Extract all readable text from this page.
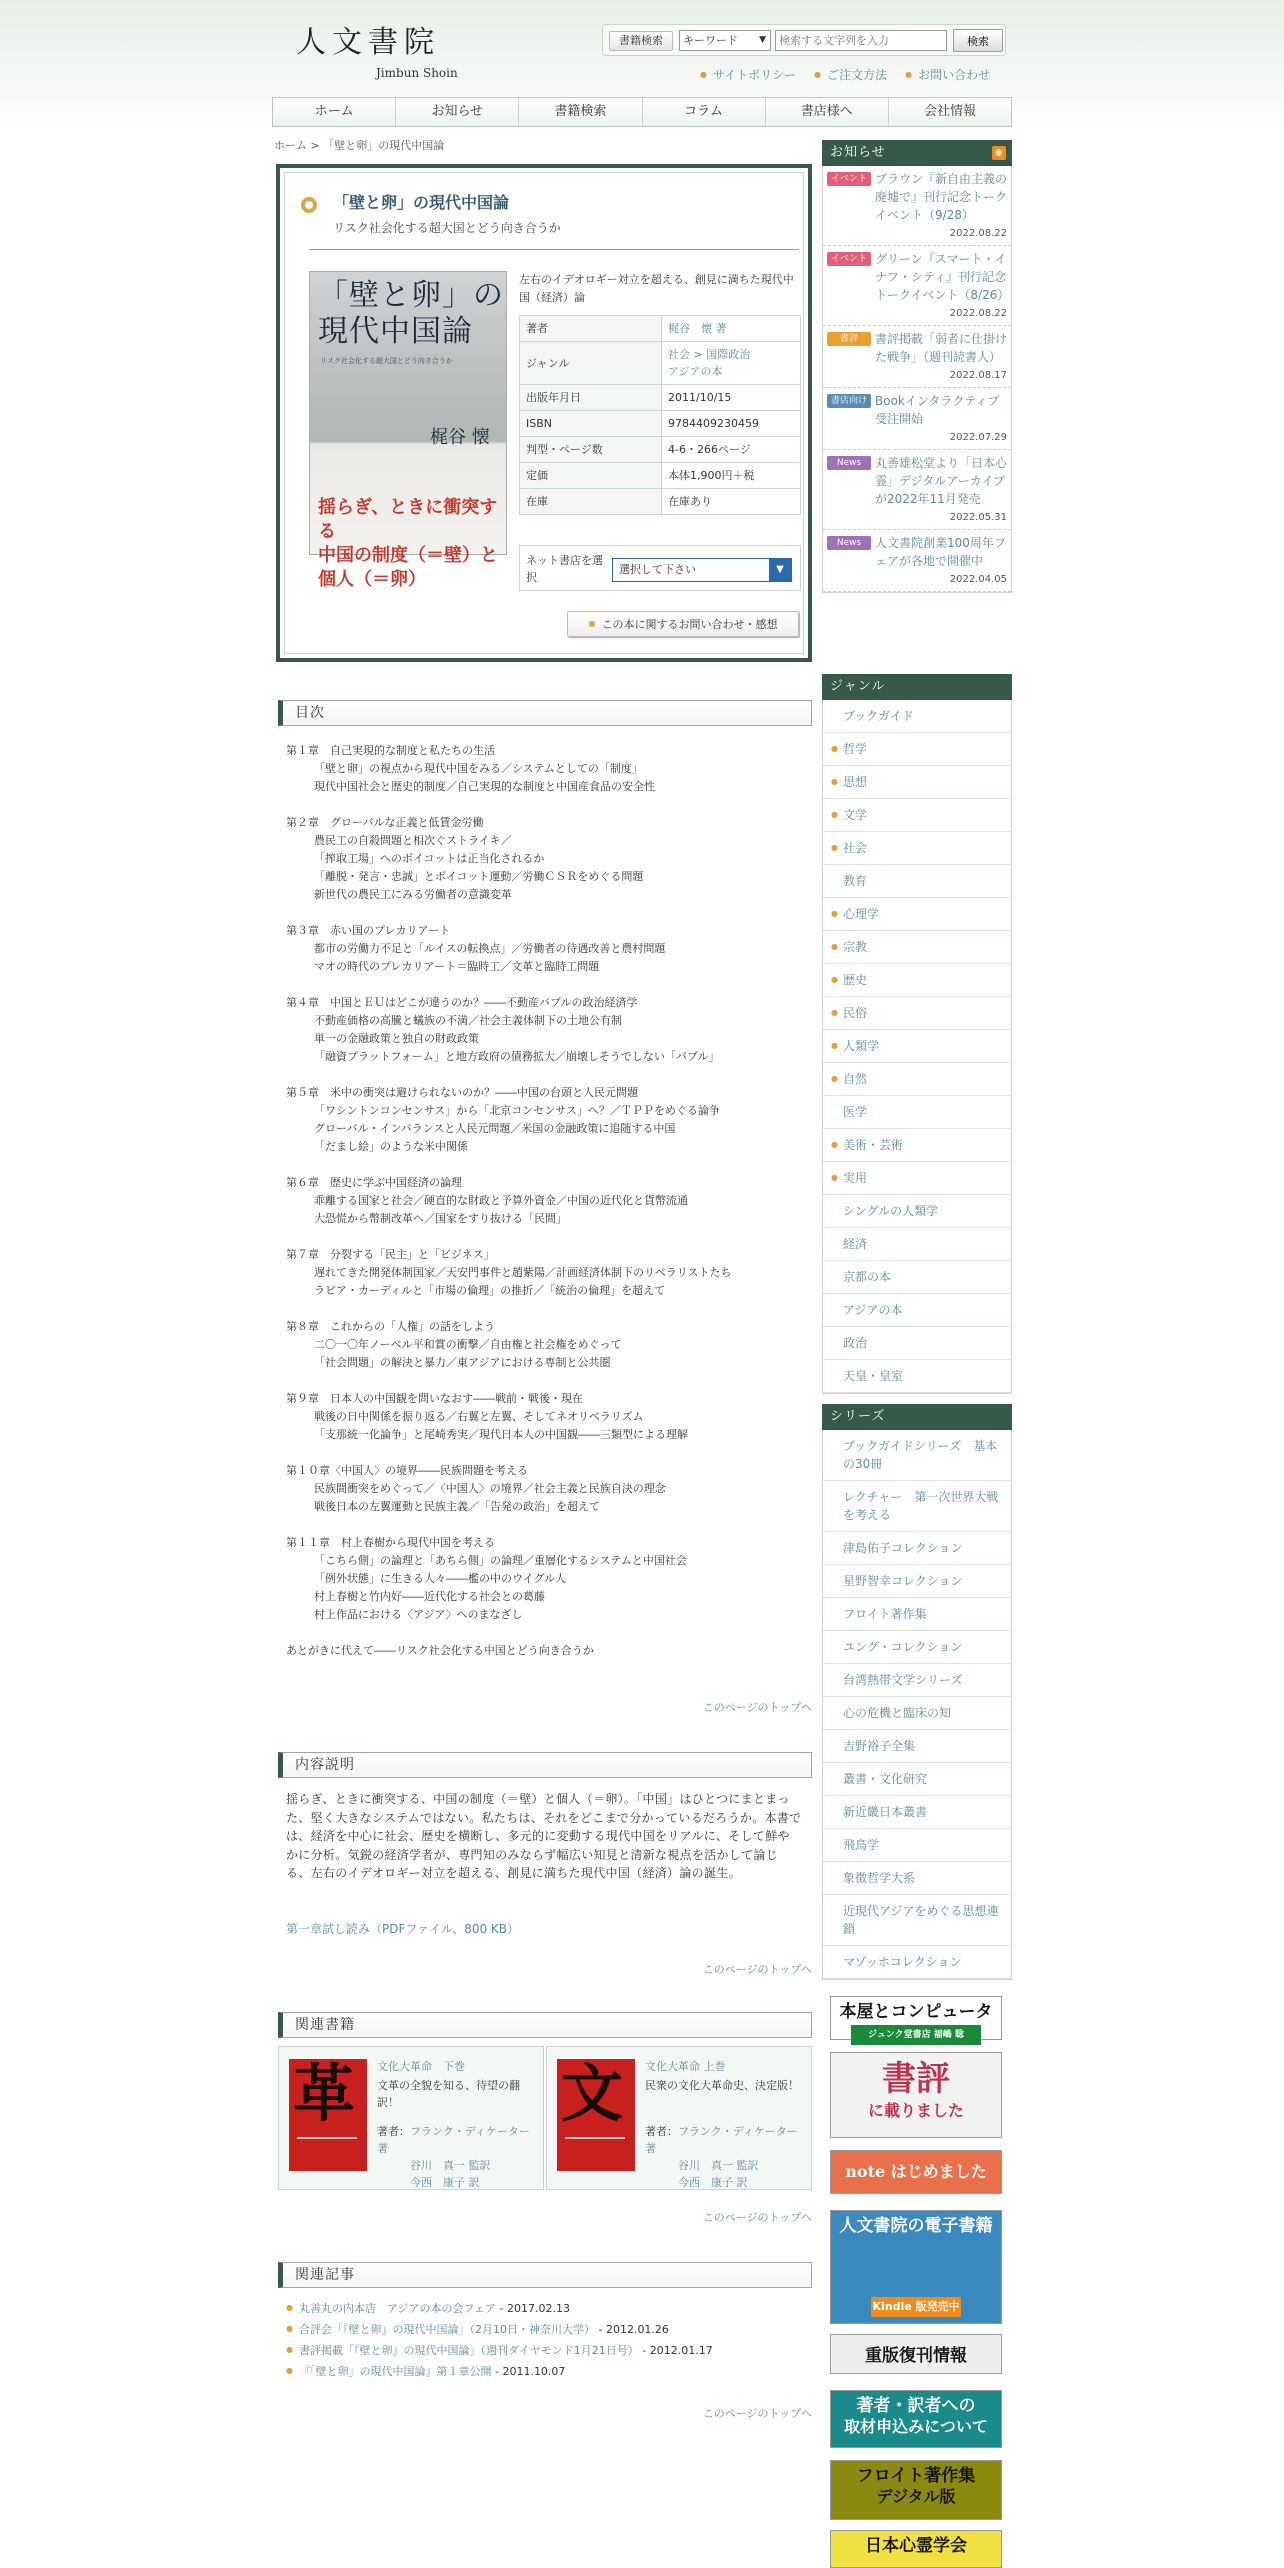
人文書院
Jimbun Shoin
書籍検索	キーワード ▼
検索する文字列を入力	検索
● サイトポリシー	● ご注文方法	● お問い合わせ
ホーム	お知らせ	書籍検索	コラム	書店様へ	会社情報
ホーム > 「壁と卵」の現代中国論
「壁と卵」の現代中国論
リスク社会化する超大国とどう向き合うか
「壁と卵」の
現代中国論
リスク社会化する超大国とどう向き合うか
梶谷 懐
揺らぎ、ときに衝突する
中国の制度（＝壁）と個人（＝卵）
左右のイデオロギー対立を超える、創見に満ちた現代中国（経済）論
著者	梶谷　懐 著
ジャンル	社会 > 国際政治
アジアの本
出版年月日	2011/10/15
ISBN	9784409230459
判型・ページ数	4-6・266ページ
定価	本体1,900円＋税
在庫	在庫あり
ネット書店を選択
選択して下さい	▼
● この本に関するお問い合わせ・感想
目次
第１章　自己実現的な制度と私たちの生活
「壁と卵」の視点から現代中国をみる／システムとしての「制度」
現代中国社会と歴史的制度／自己実現的な制度と中国産食品の安全性
第２章　グローバルな正義と低賃金労働
農民工の自殺問題と相次ぐストライキ／
「搾取工場」へのボイコットは正当化されるか
「離脱・発言・忠誠」とボイコット運動／労働ＣＳＲをめぐる問題
新世代の農民工にみる労働者の意識変革
第３章　赤い国のプレカリアート
都市の労働力不足と「ルイスの転換点」／労働者の待遇改善と農村問題
マオの時代のプレカリアート＝臨時工／文革と臨時工問題
第４章　中国とＥＵはどこが違うのか？――不動産バブルの政治経済学
不動産価格の高騰と蟻族の不満／社会主義体制下の土地公有制
単一の金融政策と独自の財政政策
「融資プラットフォーム」と地方政府の債務拡大／崩壊しそうでしない「バブル」
第５章　米中の衝突は避けられないのか？――中国の台頭と人民元問題
「ワシントンコンセンサス」から「北京コンセンサス」へ？／ＴＰＰをめぐる論争
グローバル・インバランスと人民元問題／米国の金融政策に追随する中国
「だまし絵」のような米中関係
第６章　歴史に学ぶ中国経済の論理
乖離する国家と社会／硬直的な財政と予算外資金／中国の近代化と貨幣流通
大恐慌から幣制改革へ／国家をすり抜ける「民間」
第７章　分裂する「民主」と「ビジネス」
遅れてきた開発体制国家／天安門事件と趙紫陽／計画経済体制下のリベラリストたち
ラピア・カーディルと「市場の倫理」の推折／「統治の倫理」を超えて
第８章　これからの「人権」の話をしよう
二〇一〇年ノーベル平和賞の衝撃／自由権と社会権をめぐって
「社会問題」の解決と暴力／東アジアにおける専制と公共圏
第９章　日本人の中国観を問いなおす――戦前・戦後・現在
戦後の日中関係を振り返る／右翼と左翼、そしてネオリベラリズム
「支那統一化論争」と尾崎秀実／現代日本人の中国観――三類型による理解
第１０章〈中国人〉の境界――民族問題を考える
民族間衝突をめぐって／〈中国人〉の境界／社会主義と民族自決の理念
戦後日本の左翼運動と民族主義／「告発の政治」を超えて
第１１章　村上春樹から現代中国を考える
「こちら側」の論理と「あちら側」の論理／重層化するシステムと中国社会
「例外状態」に生きる人々――檻の中のウイグル人
村上春樹と竹内好――近代化する社会との葛藤
村上作品における〈アジア〉へのまなざし
あとがきに代えて――リスク社会化する中国とどう向き合うか
このページのトップへ
内容説明
揺らぎ、ときに衝突する、中国の制度（＝壁）と個人（＝卵）。「中国」はひとつにまとまった、堅く大きなシステムではない。私たちは、それをどこまで分かっているだろうか。本書では、経済を中心に社会、歴史を横断し、多元的に変動する現代中国をリアルに、そして鮮やかに分析。気鋭の経済学者が、専門知のみならず幅広い知見と清新な視点を活かして論じる、左右のイデオロギー対立を超える、創見に満ちた現代中国（経済）論の誕生。
第一章試し読み（PDFファイル、800 KB）
このページのトップへ
関連書籍
革 文化大革命　下巻
文革の全貌を知る、待望の翻訳！
著者：フランク・ディケーター 著
谷川　真一 監訳
今西　康子 訳
文 文化大革命 上巻
民衆の文化大革命史、決定版！
著者：フランク・ディケーター 著
谷川　真一 監訳
今西　康子 訳
このページのトップへ
関連記事
● 丸善丸の内本店　アジアの本の会フェア - 2017.02.13
● 合評会「『壁と卵』の現代中国論」（2月10日・神奈川大学） - 2012.01.26
● 書評掲載「『壁と卵』の現代中国論」（週刊ダイヤモンド1月21日号） - 2012.01.17
● 『「壁と卵」の現代中国論』第１章公開 - 2011.10.07
このページのトップへ
お知らせ	◉
イベント ブラウン『新自由主義の廃墟で』刊行記念トークイベント（9/28）
2022.08.22
イベント グリーン『スマート・イナフ・シティ』刊行記念トークイベント（8/26）
2022.08.22
書評	書評掲載「弱者に仕掛けた戦争」（週刊読書人）
2022.08.17
書店向け Bookインタラクティブ受注開始
2022.07.29
News	丸善雄松堂より「日本心霊」デジタルアーカイブが2022年11月発売
2022.05.31
News	人文書院創業100周年フェアが各地で開催中
2022.04.05
ジャンル
ブックガイド
● 哲学
● 思想
● 文学
● 社会
教育
● 心理学
● 宗教
● 歴史
● 民俗
● 人類学
● 自然
医学
● 美術・芸術
● 実用
シングルの人類学
経済
京都の本
アジアの本
政治
天皇・皇室
シリーズ
ブックガイドシリーズ　基本の30冊
レクチャー　第一次世界大戦を考える
津島佑子コレクション
星野智幸コレクション
フロイト著作集
ユング・コレクション
台湾熱帯文学シリーズ
心の危機と臨床の知
吉野裕子全集
叢書・文化研究
新近畿日本叢書
飛鳥学
象徴哲学大系
近現代アジアをめぐる思想連鎖
マゾッホコレクション
本屋とコンピュータ
ジュンク堂書店 福嶋 聡
書評
に載りました
note はじめました
人文書院の電子書籍
Kindle 版発売中
重版復刊情報
著者・訳者への
取材申込みについて
フロイト著作集
デジタル版
日本心霊学会
